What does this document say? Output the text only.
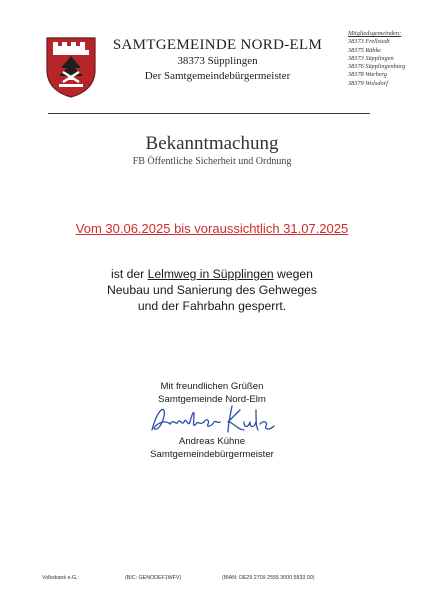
SAMTGEMEINDE NORD-ELM
38373 Süpplingen
Der Samtgemeindebürgermeister
Mitgliedsgemeinden:
38373 Frellstedt
38375 Räbke
38373 Süpplingen
38376 Süpplingenburg
38378 Warberg
38379 Wolsdorf
Bekanntmachung
FB Öffentliche Sicherheit und Ordnung
Vom 30.06.2025 bis voraussichtlich 31.07.2025
ist der Lelmweg in Süpplingen wegen
Neubau und Sanierung des Gehweges
und der Fahrbahn gesperrt.
Mit freundlichen Grüßen
Samtgemeinde Nord-Elm
Andreas Kühne
Samtgemeindebürgermeister
Volksbank e.G.:	(BIC: GENODEF1WFV)	(IBAN: DE29 2709 2555 3000 5833 00)
